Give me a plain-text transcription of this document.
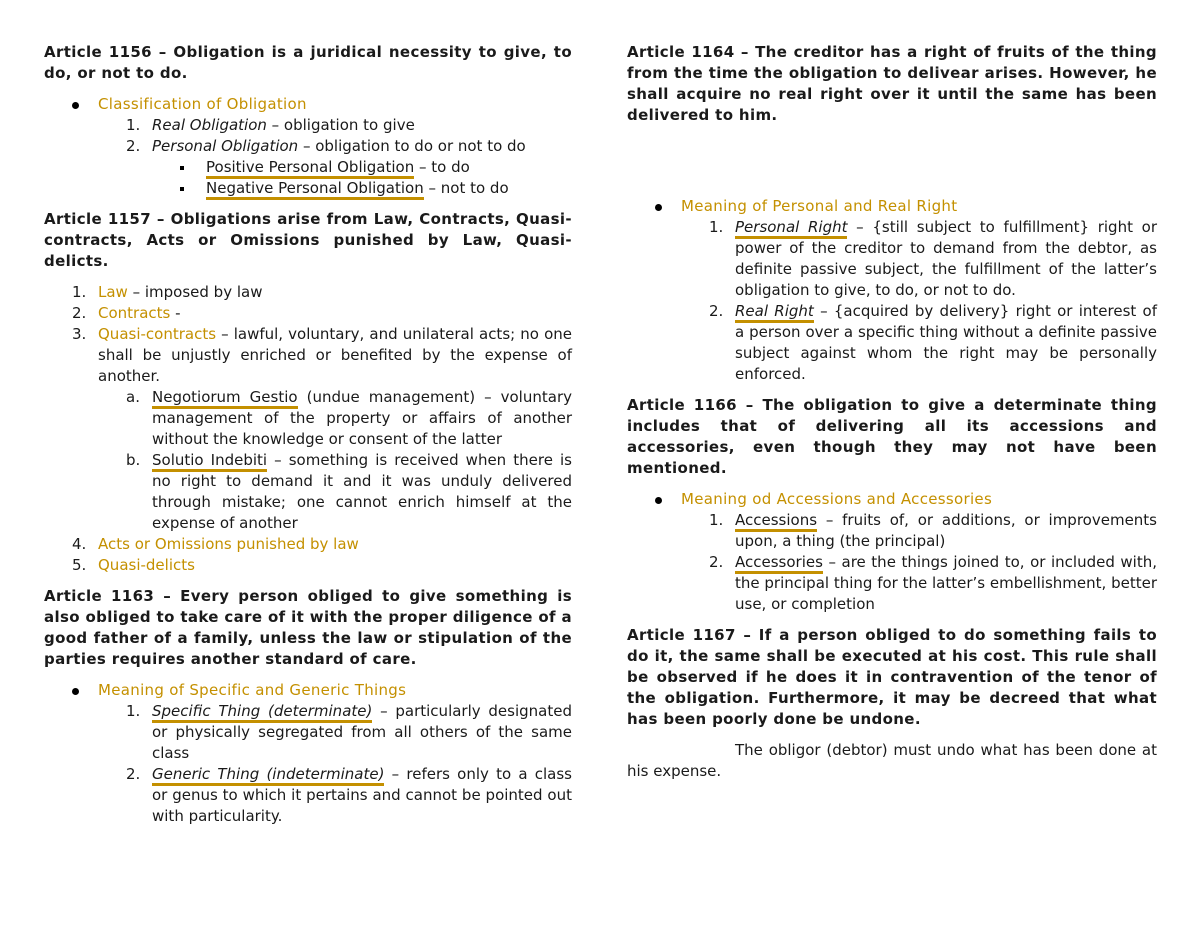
Article 1156 – Obligation is a juridical necessity to give, to do, or not to do.

Classification of Obligation
1. Real Obligation – obligation to give
2. Personal Obligation – obligation to do or not to do
Positive Personal Obligation – to do
Negative Personal Obligation – not to do

Article 1157 – Obligations arise from Law, Contracts, Quasi-contracts, Acts or Omissions punished by Law, Quasi-delicts.

1. Law – imposed by law
2. Contracts -
3. Quasi-contracts – lawful, voluntary, and unilateral acts; no one shall be unjustly enriched or benefited by the expense of another.
a. Negotiorum Gestio (undue management) – voluntary management of the property or affairs of another without the knowledge or consent of the latter
b. Solutio Indebiti – something is received when there is no right to demand it and it was unduly delivered through mistake; one cannot enrich himself at the expense of another
4. Acts or Omissions punished by law
5. Quasi-delicts

Article 1163 – Every person obliged to give something is also obliged to take care of it with the proper diligence of a good father of a family, unless the law or stipulation of the parties requires another standard of care.

Meaning of Specific and Generic Things
1. Specific Thing (determinate) – particularly designated or physically segregated from all others of the same class
2. Generic Thing (indeterminate) – refers only to a class or genus to which it pertains and cannot be pointed out with particularity.

Article 1164 – The creditor has a right of fruits of the thing from the time the obligation to delivear arises. However, he shall acquire no real right over it until the same has been delivered to him.

Meaning of Personal and Real Right
1. Personal Right – {still subject to fulfillment} right or power of the creditor to demand from the debtor, as definite passive subject, the fulfillment of the latter’s obligation to give, to do, or not to do.
2. Real Right – {acquired by delivery} right or interest of a person over a specific thing without a definite passive subject against whom the right may be personally enforced.

Article 1166 – The obligation to give a determinate thing includes that of delivering all its accessions and accessories, even though they may not have been mentioned.

Meaning od Accessions and Accessories
1. Accessions – fruits of, or additions, or improvements upon, a thing (the principal)
2. Accessories – are the things joined to, or included with, the principal thing for the latter’s embellishment, better use, or completion

Article 1167 – If a person obliged to do something fails to do it, the same shall be executed at his cost. This rule shall be observed if he does it in contravention of the tenor of the obligation. Furthermore, it may be decreed that what has been poorly done be undone.

The obligor (debtor) must undo what has been done at his expense.
